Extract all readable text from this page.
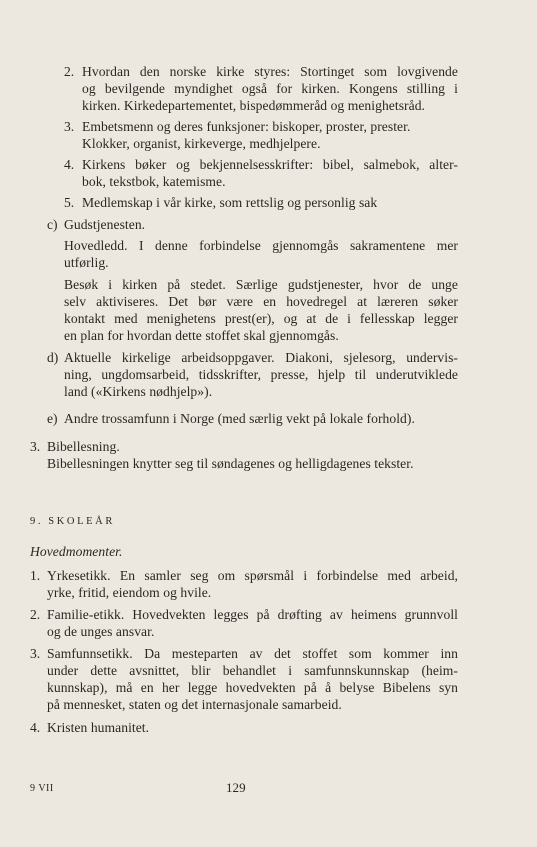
2. Hvordan den norske kirke styres: Stortinget som lovgivende
og bevilgende myndighet også for kirken. Kongens stilling i
kirken. Kirkedepartementet, bispedømmeråd og menighetsråd.
3. Embetsmenn og deres funksjoner: biskoper, proster, prester.
Klokker, organist, kirkeverge, medhjelpere.
4. Kirkens bøker og bekjennelsesskrifter: bibel, salmebok, alter-
bok, tekstbok, katemisme.
5. Medlemskap i vår kirke, som rettslig og personlig sak
c) Gudstjenesten.
Hovedledd. I denne forbindelse gjennomgås sakramentene mer
utførlig.
Besøk i kirken på stedet. Særlige gudstjenester, hvor de unge
selv aktiviseres. Det bør være en hovedregel at læreren søker
kontakt med menighetens prest(er), og at de i fellesskap legger
en plan for hvordan dette stoffet skal gjennomgås.
d) Aktuelle kirkelige arbeidsoppgaver. Diakoni, sjelesorg, undervis-
ning, ungdomsarbeid, tidsskrifter, presse, hjelp til underutviklede
land («Kirkens nødhjelp»).
e) Andre trossamfunn i Norge (med særlig vekt på lokale forhold).
3. Bibellesning.
Bibellesningen knytter seg til søndagenes og helligdagenes tekster.
9. SKOLEÅR
Hovedmomenter.
1. Yrkesetikk. En samler seg om spørsmål i forbindelse med arbeid,
yrke, fritid, eiendom og hvile.
2. Familie-etikk. Hovedvekten legges på drøfting av heimens grunnvoll
og de unges ansvar.
3. Samfunnsetikk. Da mesteparten av det stoffet som kommer inn
under dette avsnittet, blir behandlet i samfunnskunnskap (heim-
kunnskap), må en her legge hovedvekten på å belyse Bibelens syn
på mennesket, staten og det internasjonale samarbeid.
4. Kristen humanitet.
9 VII	129
